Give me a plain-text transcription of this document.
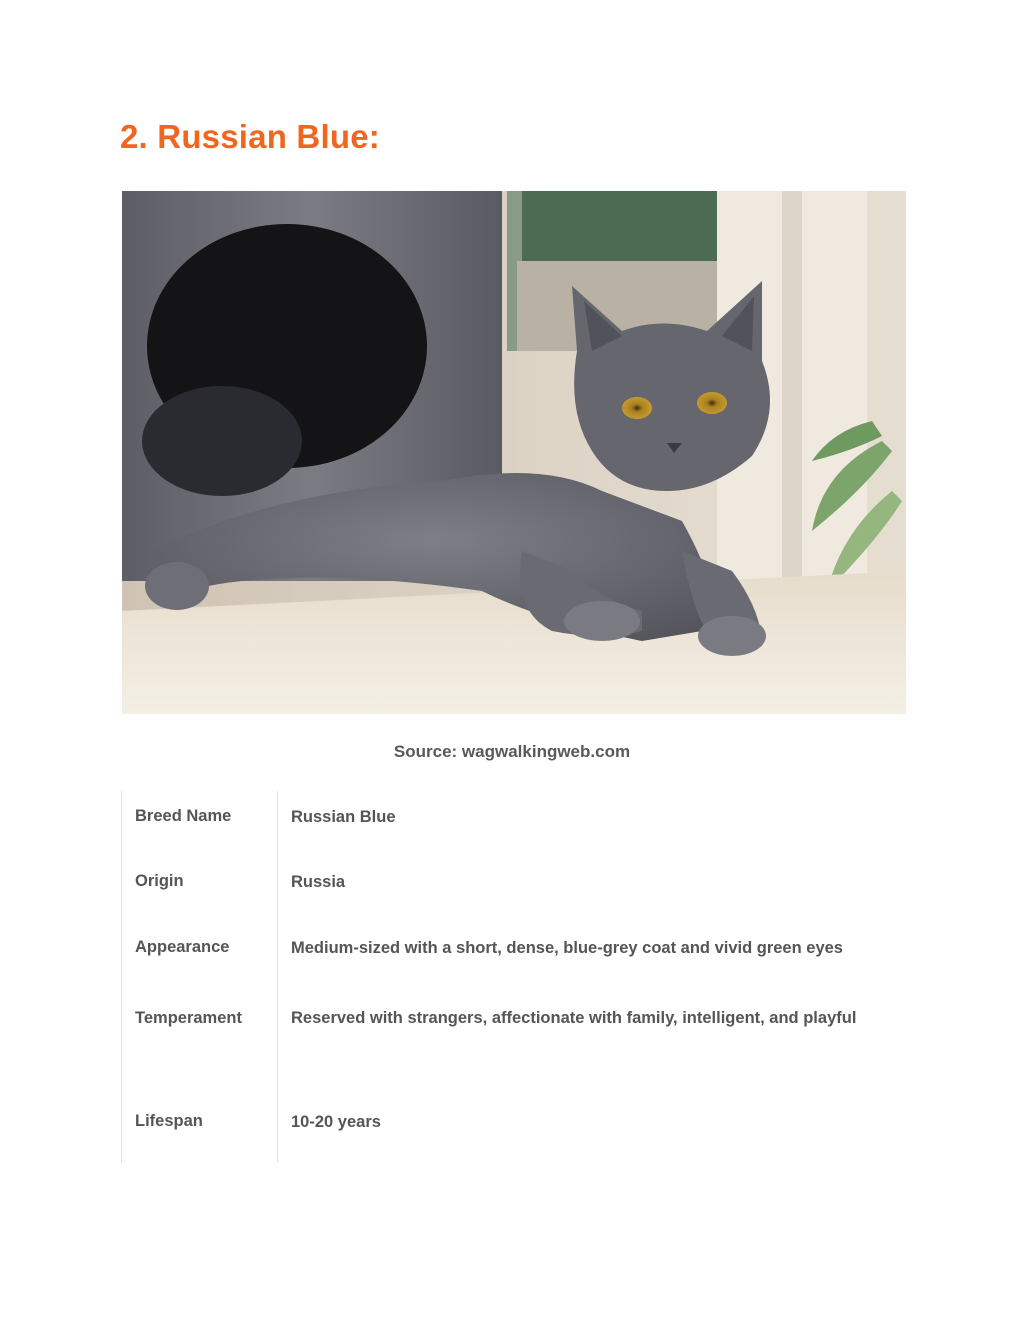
2. Russian Blue:
Source: wagwalkingweb.com
Breed Name	Russian Blue
Origin	Russia
Appearance	Medium-sized with a short, dense, blue-grey coat and vivid green eyes
Temperament	Reserved with strangers, affectionate with family, intelligent, and playful
Lifespan	10-20 years
